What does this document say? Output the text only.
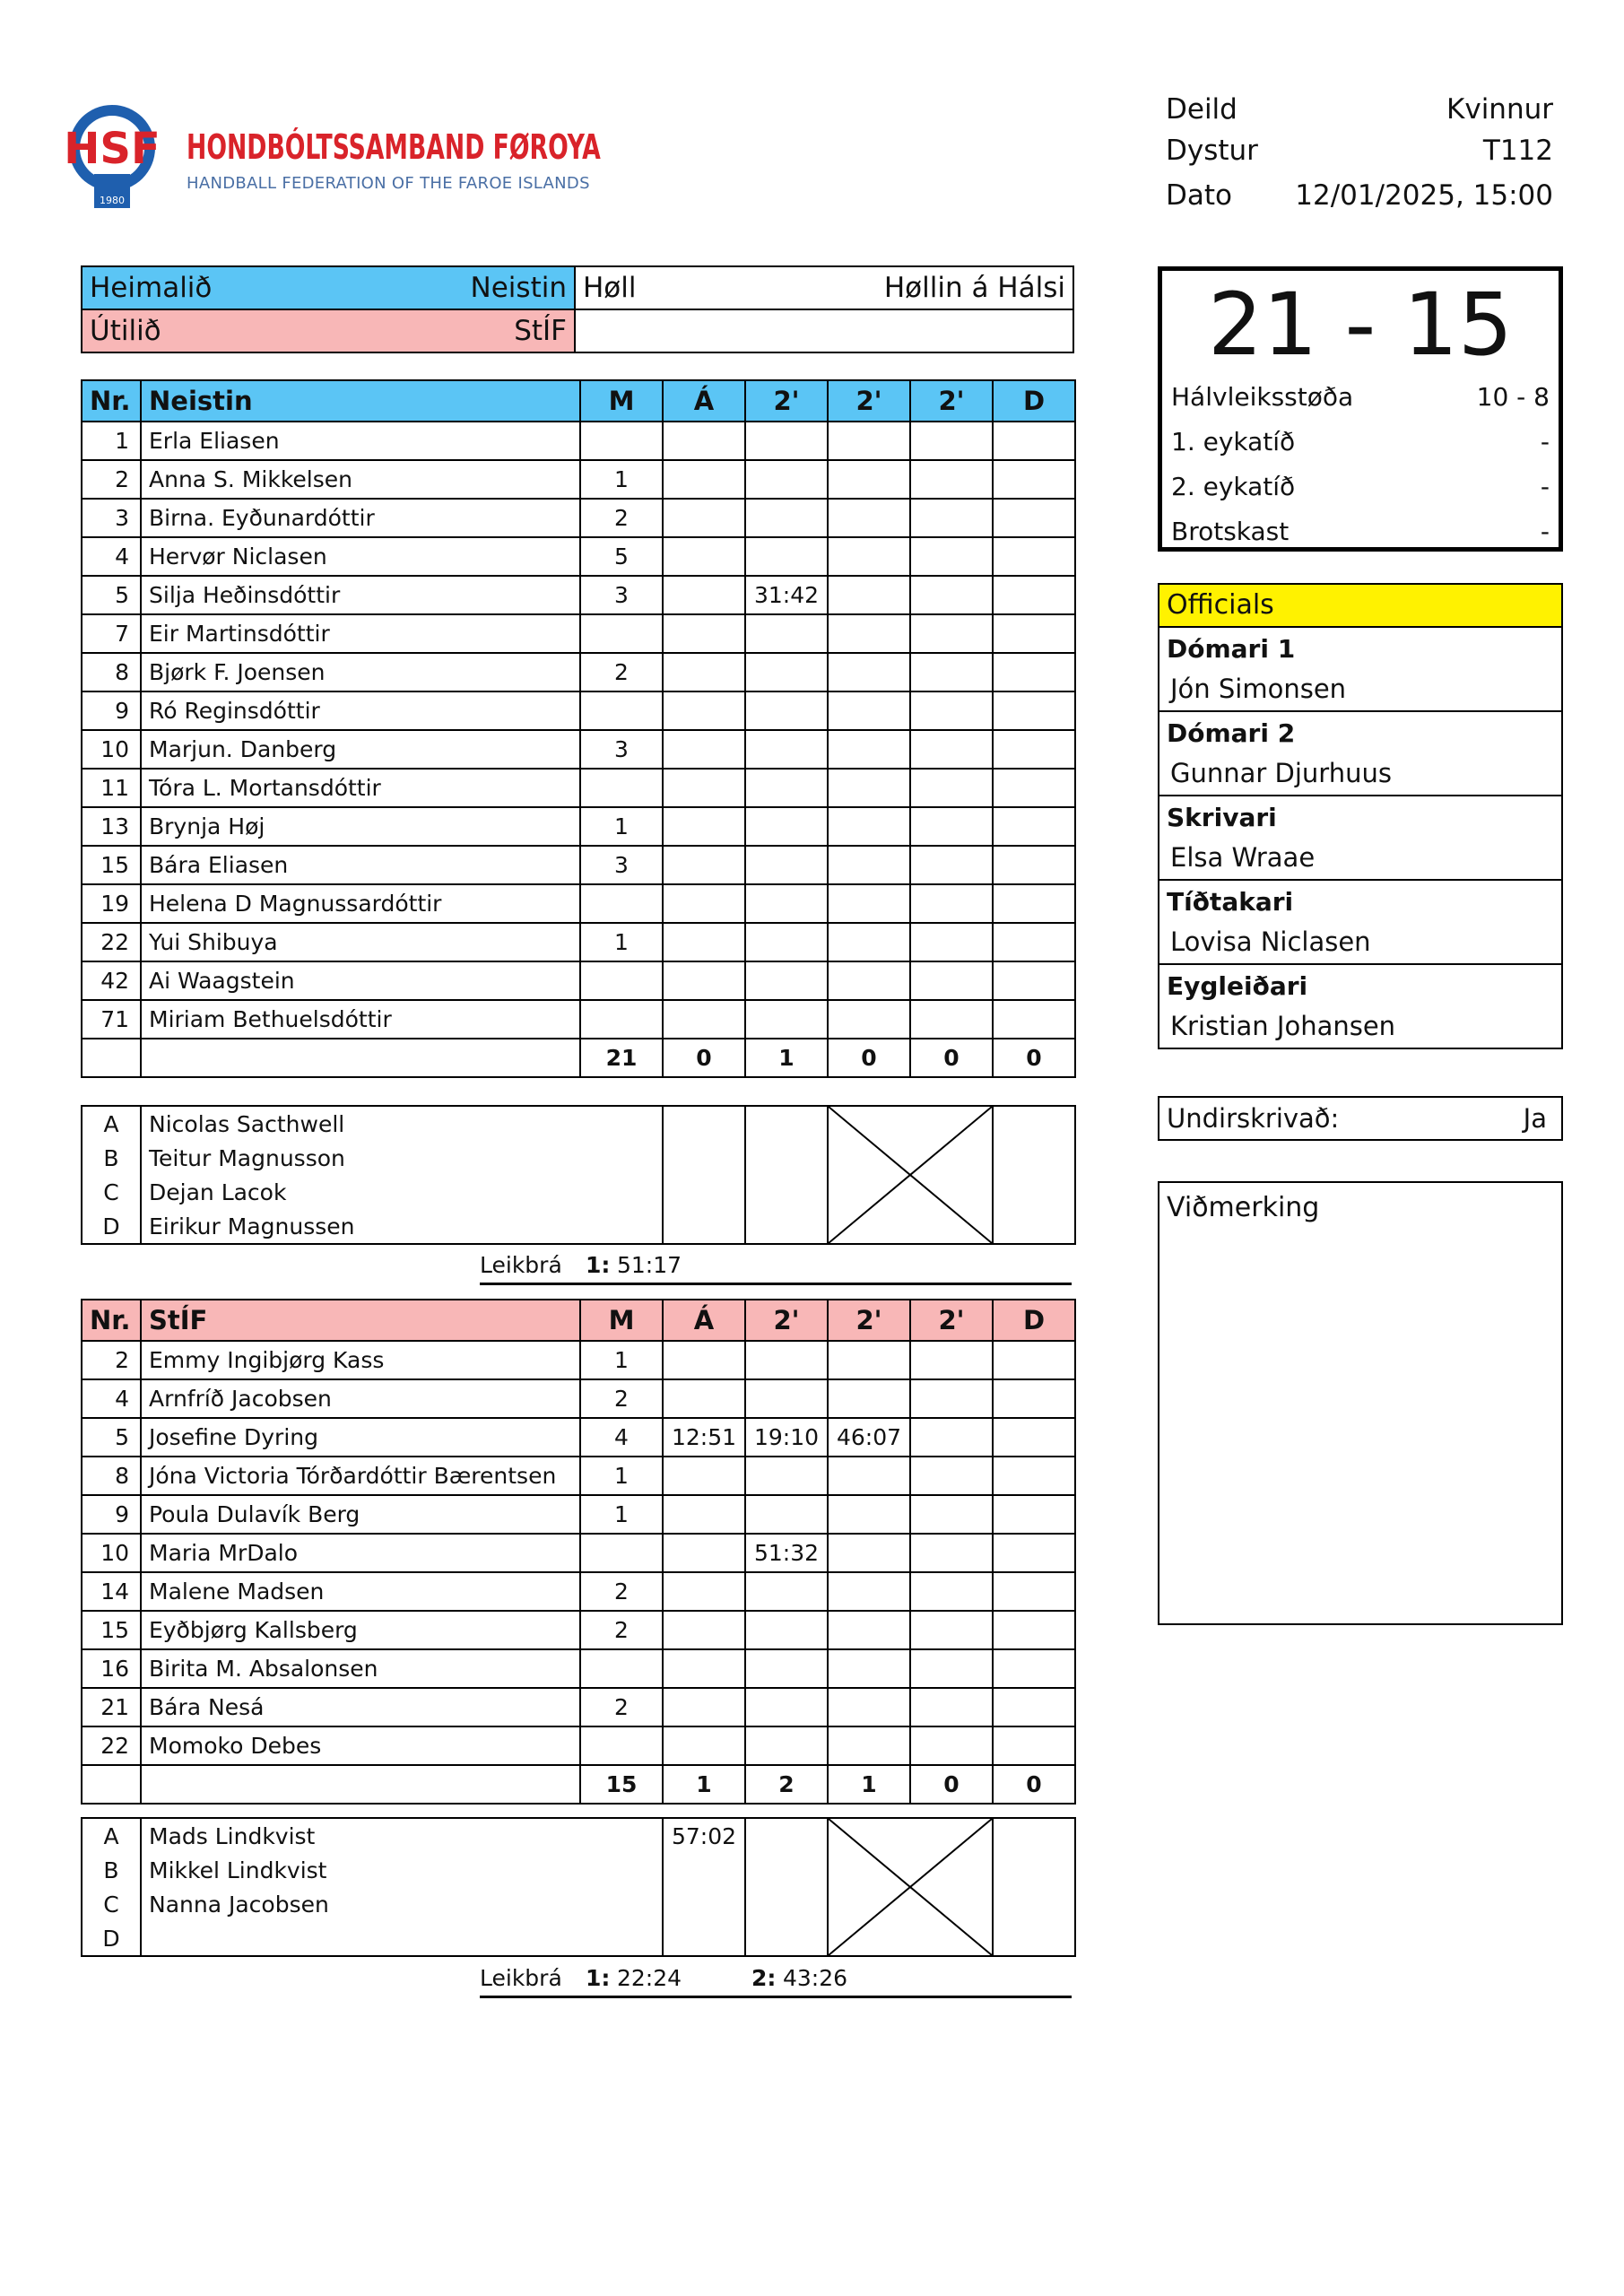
HSF
1980
HONDBÓLTSSAMBAND FØROYA
HANDBALL FEDERATION OF THE FAROE ISLANDS
Deild	Kvinnur
Dystur	T112
Dato 12/01/2025, 15:00
Heimalið Neistin	Høll Høllin á Hálsi

Útilið StÍF	

Nr.	Neistin	M	Á	2'	2'	2'	D
1	Erla Eliasen						
2	Anna S. Mikkelsen	1					
3	Birna. Eyðunardóttir	2					
4	Hervør Niclasen	5					
5	Silja Heðinsdóttir	3		31:42			
7	Eir Martinsdóttir						
8	Bjørk F. Joensen	2					
9	Ró Reginsdóttir						
10	Marjun. Danberg	3					
11	Tóra L. Mortansdóttir						
13	Brynja Høj	1					
15	Bára Eliasen	3					
19	Helena D Magnussardóttir						
22	Yui Shibuya	1					
42	Ai Waagstein						
71	Miriam Bethuelsdóttir						
		21	0	1	0	0	0
A	Nicolas Sacthwell			

B	Teitur Magnusson				
C	Dejan Lacok				
D	Eirikur Magnussen				
Leikbrá 1: 51:17
Nr.	StÍF	M	Á	2'	2'	2'	D
2	Emmy Ingibjørg Kass	1					
4	Arnfríð Jacobsen	2					
5	Josefine Dyring	4	12:51	19:10	46:07		
8	Jóna Victoria Tórðardóttir Bærentsen	1					
9	Poula Dulavík Berg	1					
10	Maria MrDalo			51:32			
14	Malene Madsen	2					
15	Eyðbjørg Kallsberg	2					
16	Birita M. Absalonsen						
21	Bára Nesá	2					
22	Momoko Debes						
		15	1	2	1	0	0
A	Mads Lindkvist	57:02		

B	Mikkel Lindkvist				
C	Nanna Jacobsen				
D					
Leikbrá 1: 22:24	2: 43:26
21 - 15
Hálvleiksstøða	10 - 8
1. eykatíð	-
2. eykatíð	-
Brotskast	-
Officials
Dómari 1
Jón Simonsen
Dómari 2
Gunnar Djurhuus
Skrivari
Elsa Wraae
Tíðtakari
Lovisa Niclasen
Eygleiðari
Kristian Johansen
Undirskrivað:	Ja
Viðmerking
